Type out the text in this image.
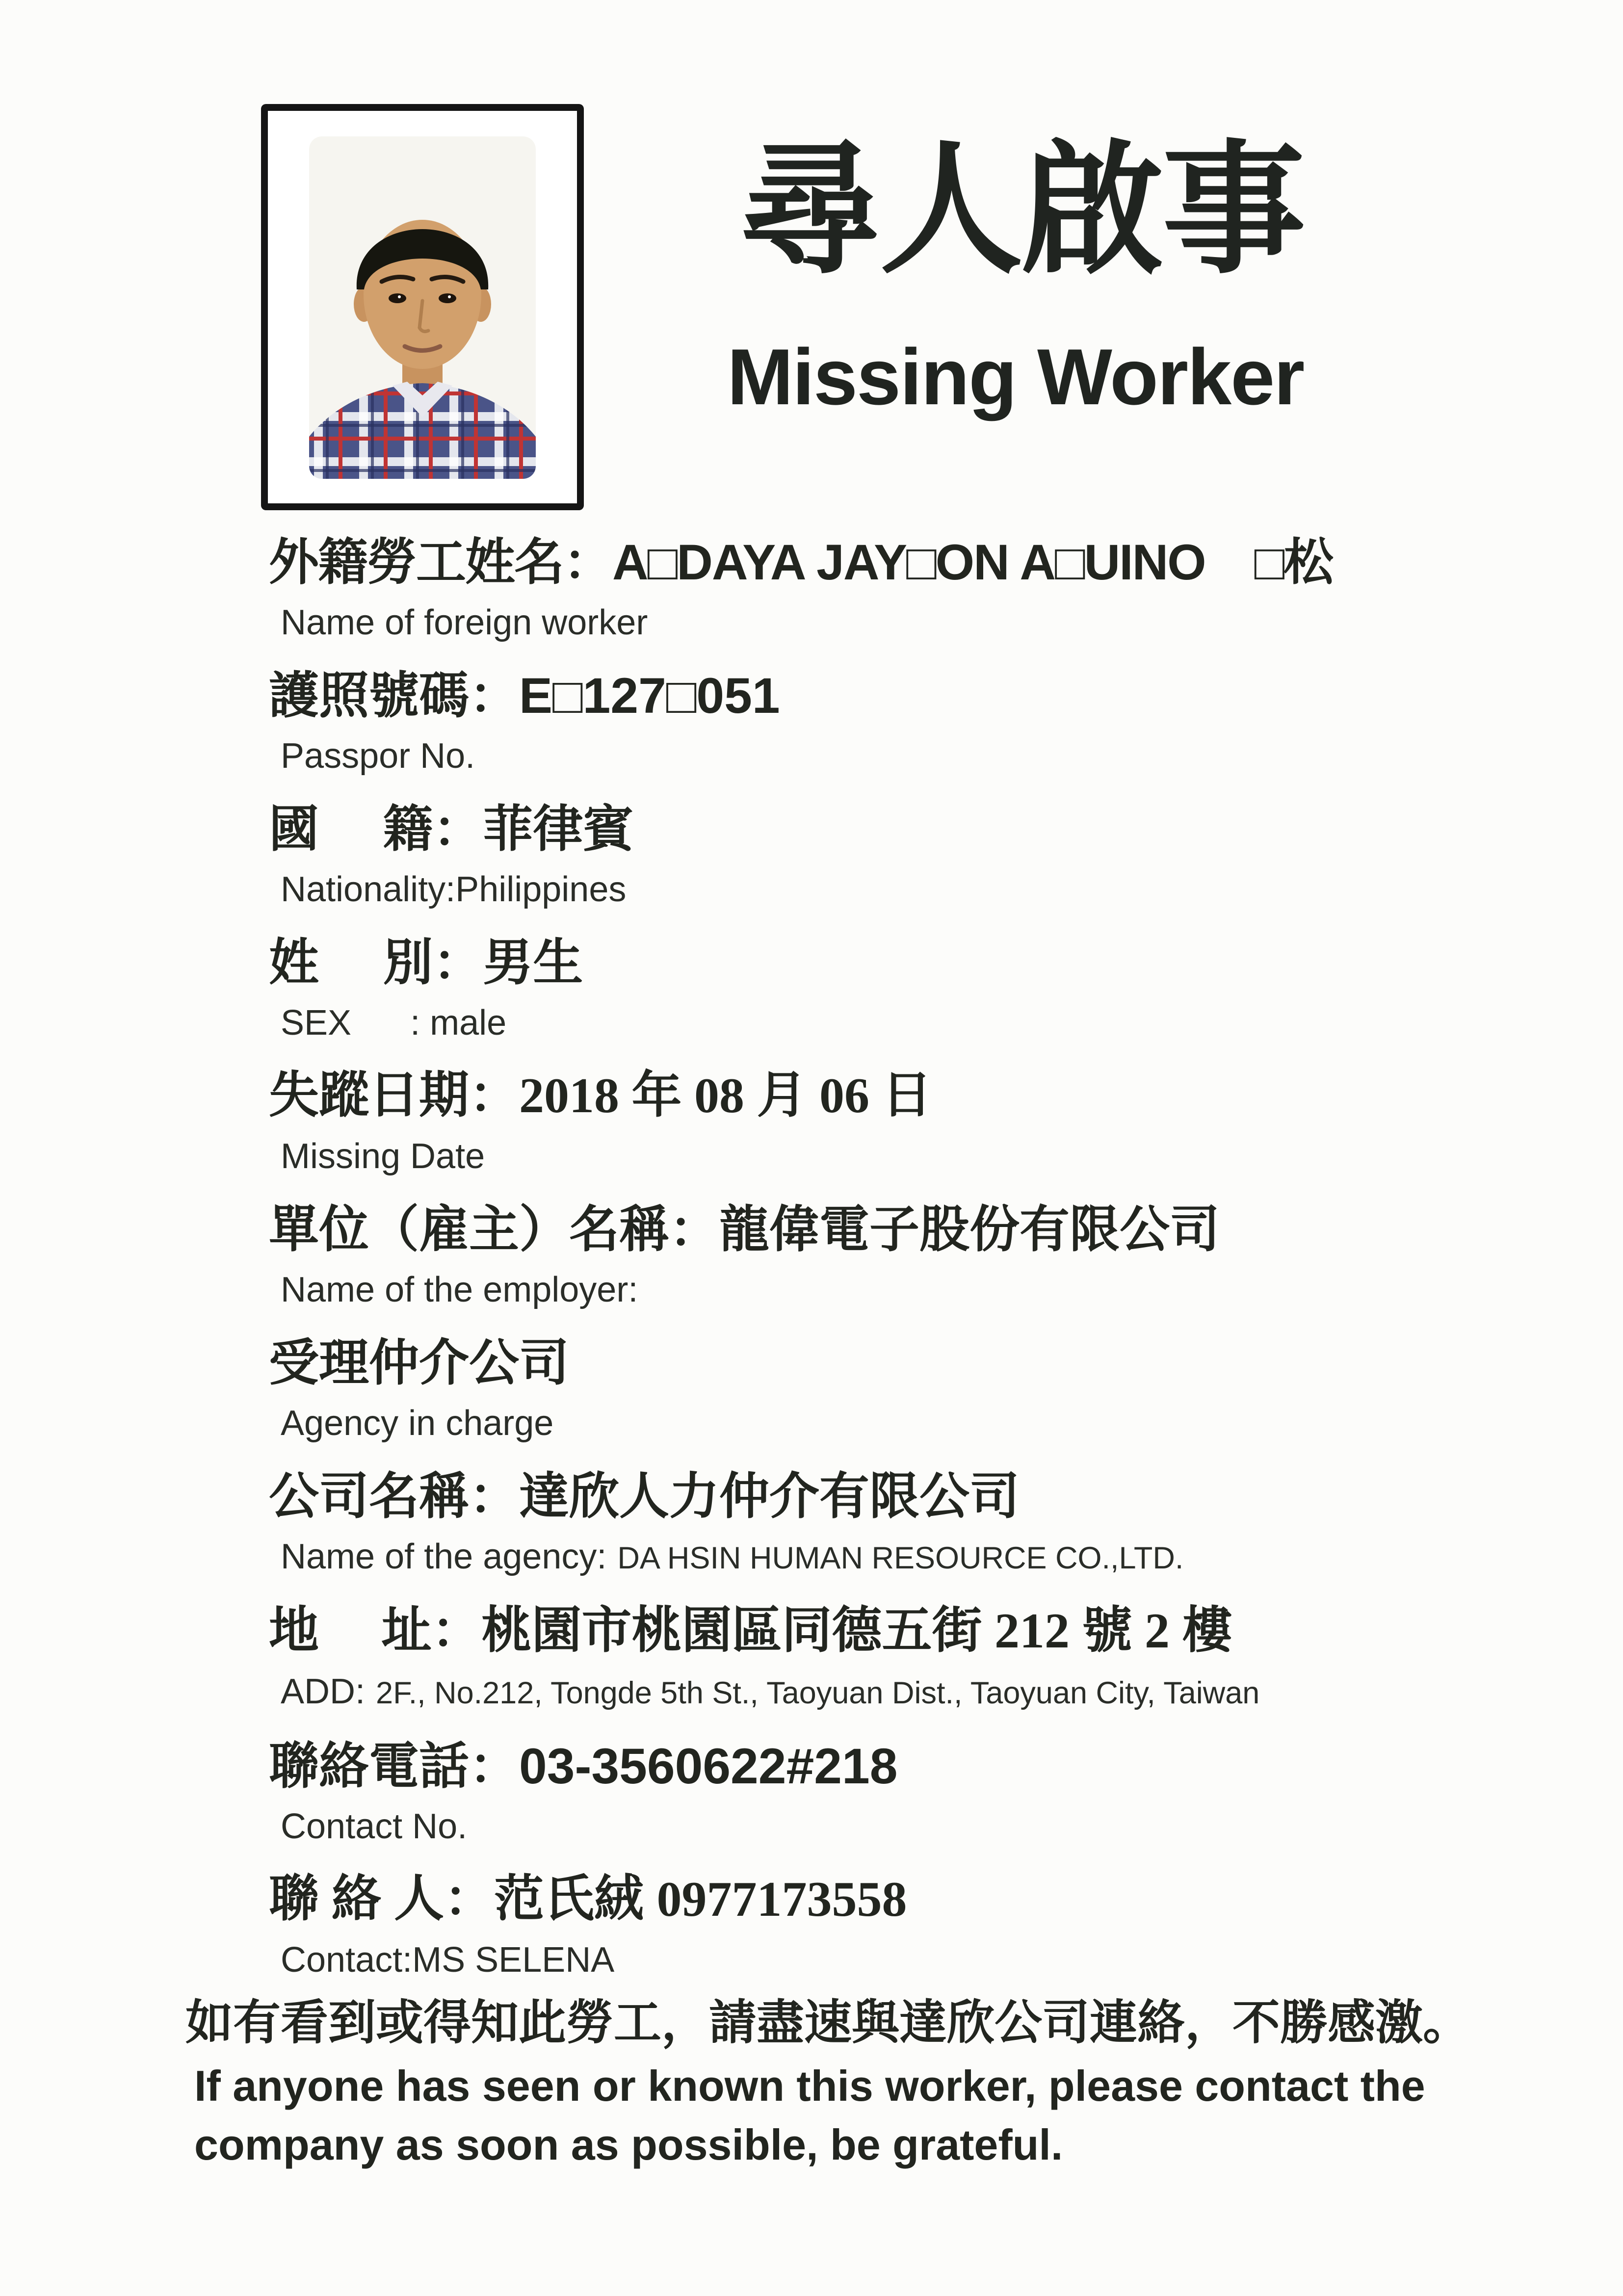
尋人啟事
Missing Worker

外籍勞工姓名：A□DAYA JAY□ON A□UINO　□松

Name of foreign worker

護照號碼：E□127□051

Passpor No.

國　 籍：菲律賓

Nationality:Philippines

姓　 別：男生

SEX      : male

失蹤日期：2018 年 08 月 06 日

Missing Date

單位（雇主）名稱：龍偉電子股份有限公司

Name of the employer:

受理仲介公司

Agency in charge

公司名稱：達欣人力仲介有限公司

Name of the agency: DA HSIN HUMAN RESOURCE CO.,LTD.

地　 址：桃園市桃園區同德五街 212 號 2 樓

ADD: 2F., No.212, Tongde 5th St., Taoyuan Dist., Taoyuan City, Taiwan

聯絡電話：03-3560622#218

Contact No.

聯 絡 人：范氏絨 0977173558

Contact:MS SELENA

如有看到或得知此勞工，請盡速與達欣公司連絡，不勝感激。

If anyone has seen or known this worker, please contact the

company as soon as possible, be grateful.
